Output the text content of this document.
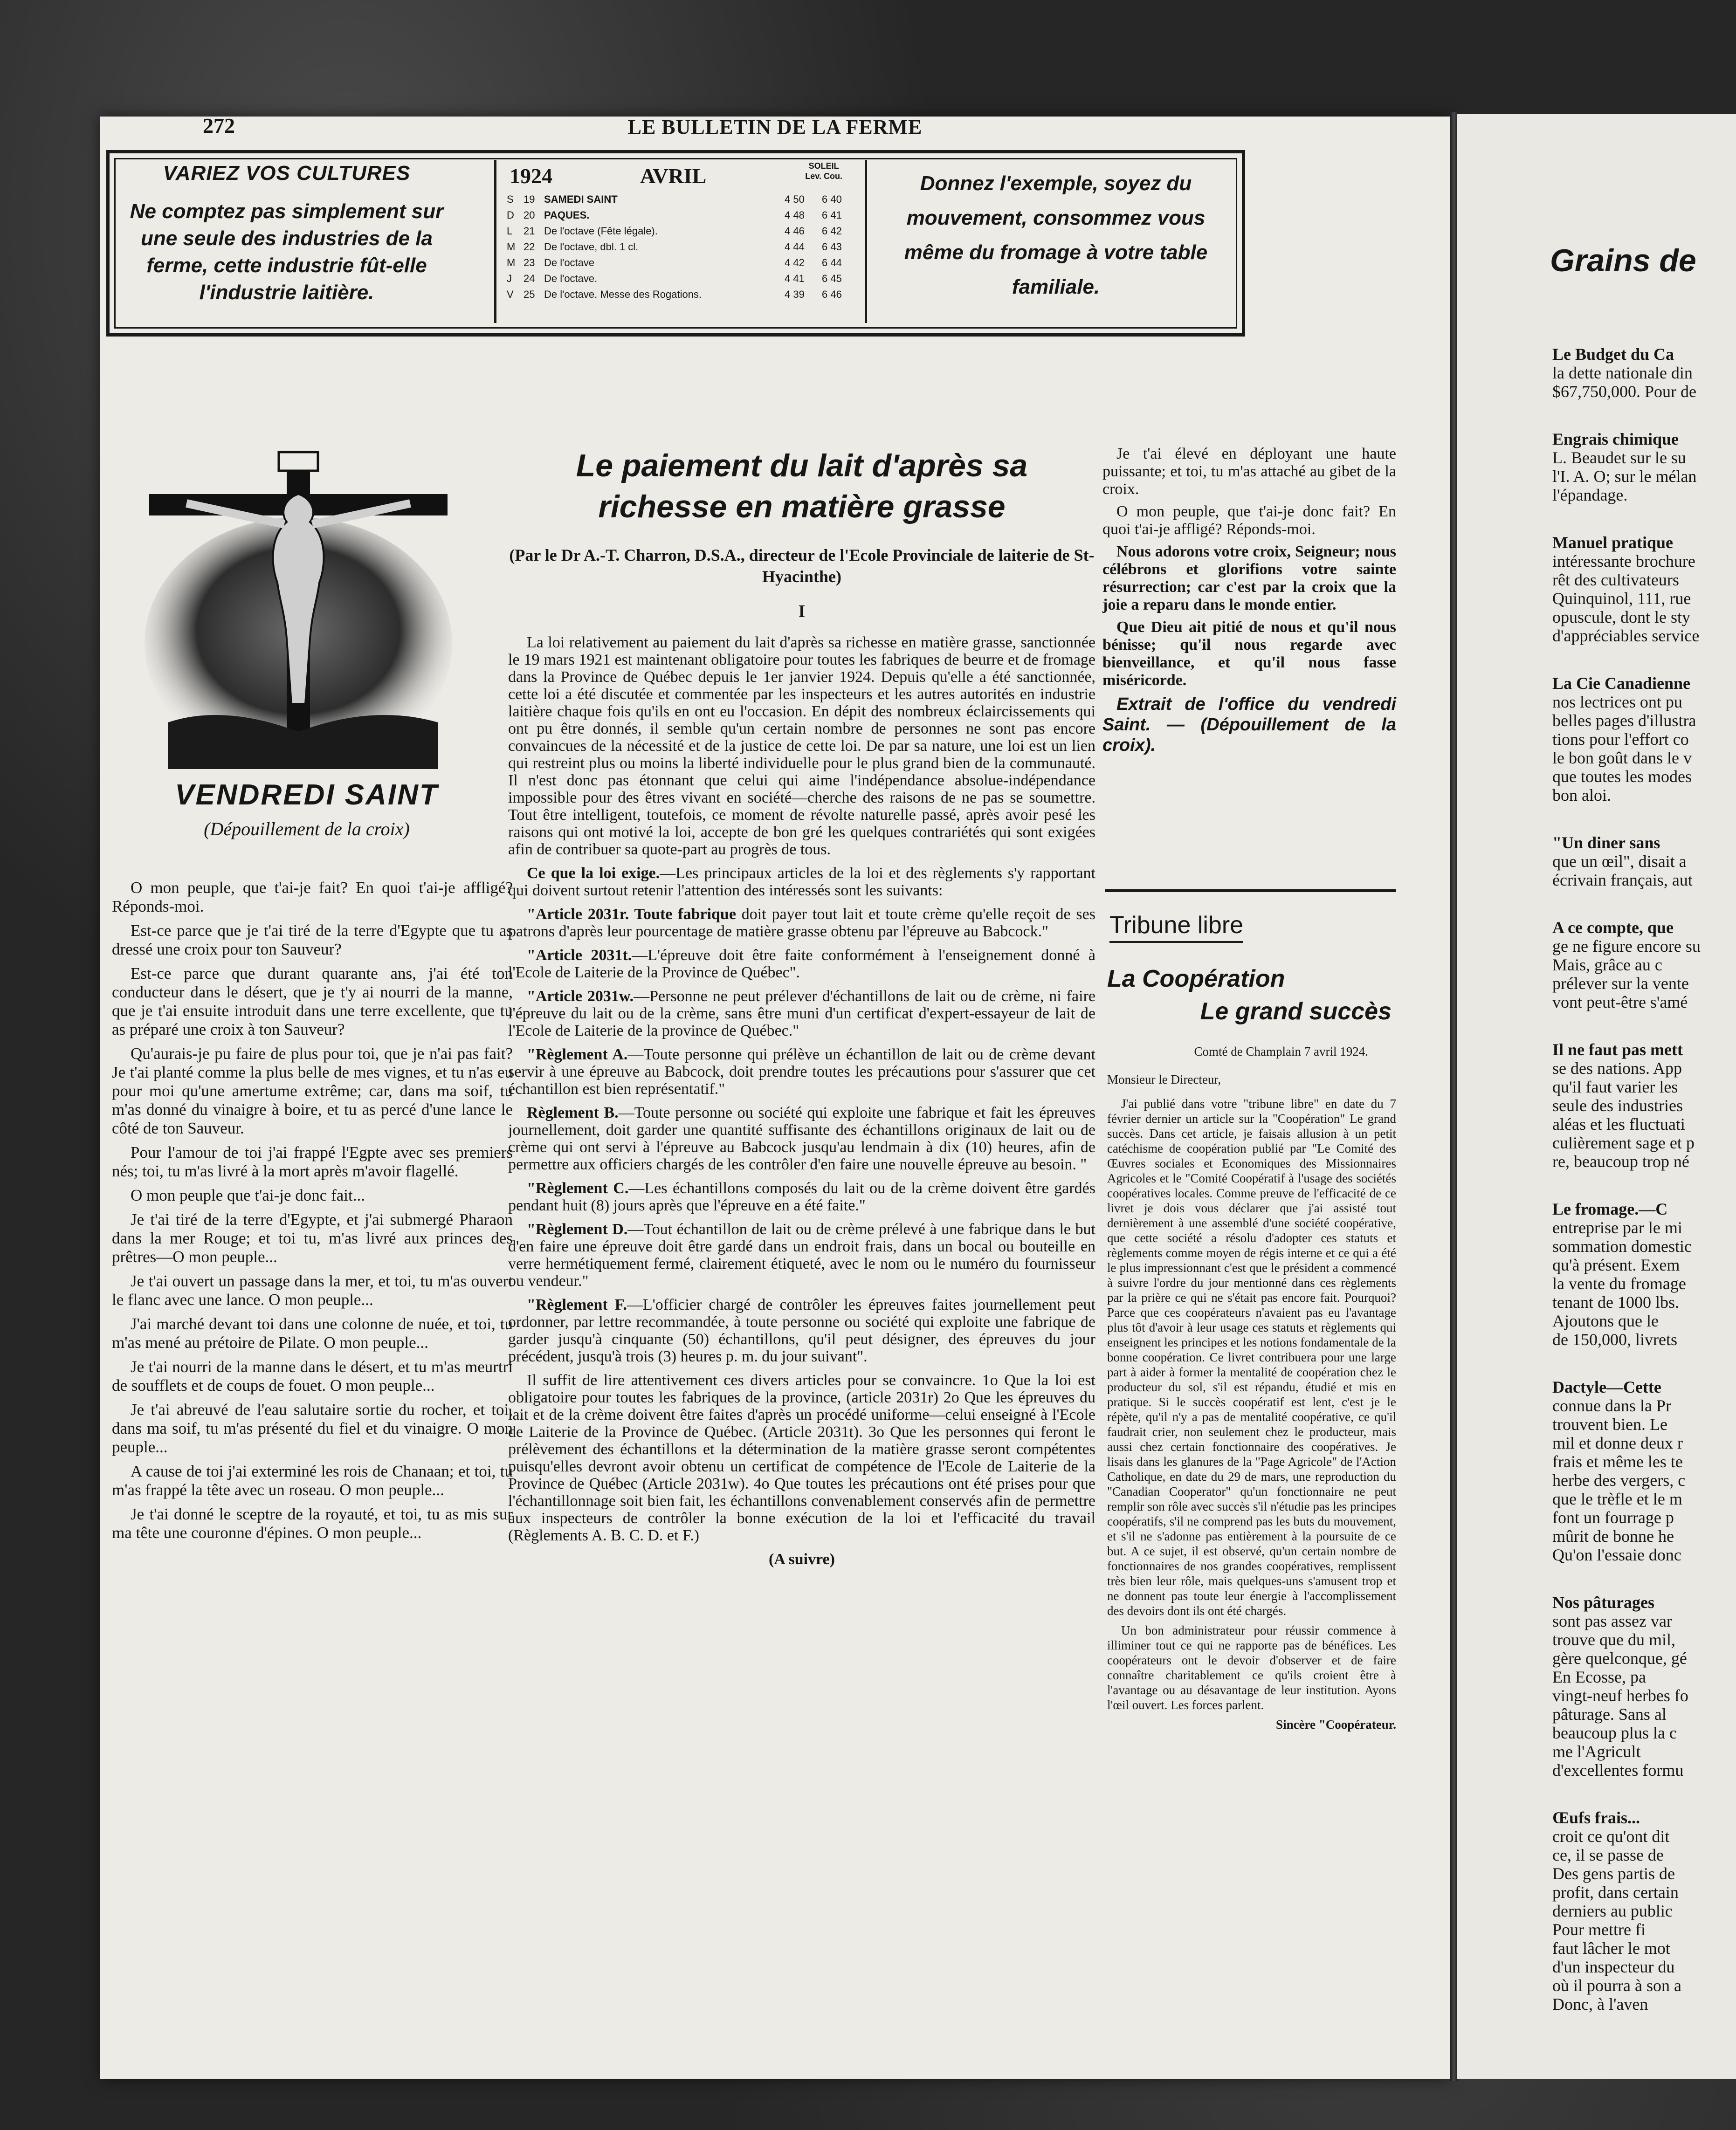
272	LE BULLETIN DE LA FERME
VARIEZ VOS CULTURES
Ne comptez pas simplement sur une seule des industries de la ferme, cette industrie fût-elle l'industrie laitière.
1924	AVRIL	SOLEIL
Lev. Cou.
S 19 SAMEDI SAINT	4 50 6 40
D 20 PAQUES.	4 48 6 41
L 21 De l'octave (Fête légale).	4 46 6 42
M 22 De l'octave, dbl. 1 cl.	4 44 6 43
M 23 De l'octave	4 42 6 44
J 24 De l'octave.	4 41 6 45
V 25 De l'octave. Messe des Rogations.	4 39 6 46
Donnez l'exemple, soyez du mouvement, consommez vous même du fromage à votre table familiale.
VENDREDI SAINT
(Dépouillement de la croix)

O mon peuple, que t'ai-je fait? En quoi t'ai-je affligé? Réponds-moi.

Est-ce parce que je t'ai tiré de la terre d'Egypte que tu as dressé une croix pour ton Sauveur?

Est-ce parce que durant quarante ans, j'ai été ton conducteur dans le désert, que je t'y ai nourri de la manne, que je t'ai ensuite introduit dans une terre excellente, que tu as préparé une croix à ton Sauveur?

Qu'aurais-je pu faire de plus pour toi, que je n'ai pas fait? Je t'ai planté comme la plus belle de mes vignes, et tu n'as eu pour moi qu'une amertume extrême; car, dans ma soif, tu m'as donné du vinaigre à boire, et tu as percé d'une lance le côté de ton Sauveur.

Pour l'amour de toi j'ai frappé l'Egpte avec ses premiers nés; toi, tu m'as livré à la mort après m'avoir flagellé.

O mon peuple que t'ai-je donc fait...

Je t'ai tiré de la terre d'Egypte, et j'ai submergé Pharaon dans la mer Rouge; et toi tu, m'as livré aux princes des prêtres—O mon peuple...

Je t'ai ouvert un passage dans la mer, et toi, tu m'as ouvert le flanc avec une lance. O mon peuple...

J'ai marché devant toi dans une colonne de nuée, et toi, tu m'as mené au prétoire de Pilate. O mon peuple...

Je t'ai nourri de la manne dans le désert, et tu m'as meurtri de soufflets et de coups de fouet. O mon peuple...

Je t'ai abreuvé de l'eau salutaire sortie du rocher, et toi, dans ma soif, tu m'as présenté du fiel et du vinaigre. O mon peuple...

A cause de toi j'ai exterminé les rois de Chanaan; et toi, tu m'as frappé la tête avec un roseau. O mon peuple...

Je t'ai donné le sceptre de la royauté, et toi, tu as mis sur ma tête une couronne d'épines. O mon peuple...

Le paiement du lait d'après sa richesse en matière grasse
(Par le Dr A.-T. Charron, D.S.A., directeur de l'Ecole Provinciale de laiterie de St-Hyacinthe)
I

La loi relativement au paiement du lait d'après sa richesse en matière grasse, sanctionnée le 19 mars 1921 est maintenant obligatoire pour toutes les fabriques de beurre et de fromage dans la Province de Québec depuis le 1er janvier 1924. Depuis qu'elle a été sanctionnée, cette loi a été discutée et commentée par les inspecteurs et les autres autorités en industrie laitière chaque fois qu'ils en ont eu l'occasion. En dépit des nombreux éclaircissements qui ont pu être donnés, il semble qu'un certain nombre de personnes ne sont pas encore convaincues de la nécessité et de la justice de cette loi. De par sa nature, une loi est un lien qui restreint plus ou moins la liberté individuelle pour le plus grand bien de la communauté. Il n'est donc pas étonnant que celui qui aime l'indépendance absolue-indépendance impossible pour des êtres vivant en société—cherche des raisons de ne pas se soumettre. Tout être intelligent, toutefois, ce moment de révolte naturelle passé, après avoir pesé les raisons qui ont motivé la loi, accepte de bon gré les quelques contrariétés qui sont exigées afin de contribuer sa quote-part au progrès de tous.

Ce que la loi exige.—Les principaux articles de la loi et des règlements s'y rapportant qui doivent surtout retenir l'attention des intéressés sont les suivants:

"Article 2031r. Toute fabrique doit payer tout lait et toute crème qu'elle reçoit de ses patrons d'après leur pourcentage de matière grasse obtenu par l'épreuve au Babcock."

"Article 2031t.—L'épreuve doit être faite conformément à l'enseignement donné à l'Ecole de Laiterie de la Province de Québec".

"Article 2031w.—Personne ne peut prélever d'échantillons de lait ou de crème, ni faire l'épreuve du lait ou de la crème, sans être muni d'un certificat d'expert-essayeur de lait de l'Ecole de Laiterie de la province de Québec."

"Règlement A.—Toute personne qui prélève un échantillon de lait ou de crème devant servir à une épreuve au Babcock, doit prendre toutes les précautions pour s'assurer que cet échantillon est bien représentatif."

Règlement B.—Toute personne ou société qui exploite une fabrique et fait les épreuves journellement, doit garder une quantité suffisante des échantillons originaux de lait ou de crème qui ont servi à l'épreuve au Babcock jusqu'au lendmain à dix (10) heures, afin de permettre aux officiers chargés de les contrôler d'en faire une nouvelle épreuve au besoin. "

"Règlement C.—Les échantillons composés du lait ou de la crème doivent être gardés pendant huit (8) jours après que l'épreuve en a été faite."

"Règlement D.—Tout échantillon de lait ou de crème prélevé à une fabrique dans le but d'en faire une épreuve doit être gardé dans un endroit frais, dans un bocal ou bouteille en verre hermétiquement fermé, clairement étiqueté, avec le nom ou le numéro du fournisseur ou vendeur."

"Règlement F.—L'officier chargé de contrôler les épreuves faites journellement peut ordonner, par lettre recommandée, à toute personne ou société qui exploite une fabrique de garder jusqu'à cinquante (50) échantillons, qu'il peut désigner, des épreuves du jour précédent, jusqu'à trois (3) heures p. m. du jour suivant".

Il suffit de lire attentivement ces divers articles pour se convaincre. 1o Que la loi est obligatoire pour toutes les fabriques de la province, (article 2031r) 2o Que les épreuves du lait et de la crème doivent être faites d'après un procédé uniforme—celui enseigné à l'Ecole de Laiterie de la Province de Québec. (Article 2031t). 3o Que les personnes qui feront le prélèvement des échantillons et la détermination de la matière grasse seront compétentes puisqu'elles devront avoir obtenu un certificat de compétence de l'Ecole de Laiterie de la Province de Québec (Article 2031w). 4o Que toutes les précautions ont été prises pour que l'échantillonnage soit bien fait, les échantillons convenablement conservés afin de permettre aux inspecteurs de contrôler la bonne exécution de la loi et l'efficacité du travail (Règlements A. B. C. D. et F.)

(A suivre)

Je t'ai élevé en déployant une haute puissante; et toi, tu m'as attaché au gibet de la croix.

O mon peuple, que t'ai-je donc fait? En quoi t'ai-je affligé? Réponds-moi.

Nous adorons votre croix, Seigneur; nous célébrons et glorifions votre sainte résurrection; car c'est par la croix que la joie a reparu dans le monde entier.

Que Dieu ait pitié de nous et qu'il nous bénisse; qu'il nous regarde avec bienveillance, et qu'il nous fasse miséricorde.

Extrait de l'office du vendredi Saint. — (Dépouillement de la croix).

Tribune libre
La Coopération
Le grand succès
Comté de Champlain 7 avril 1924.
Monsieur le Directeur,

J'ai publié dans votre "tribune libre" en date du 7 février dernier un article sur la "Coopération" Le grand succès. Dans cet article, je faisais allusion à un petit catéchisme de coopération publié par "Le Comité des Œuvres sociales et Economiques des Missionnaires Agricoles et le "Comité Coopératif à l'usage des sociétés coopératives locales. Comme preuve de l'efficacité de ce livret je dois vous déclarer que j'ai assisté tout dernièrement à une assemblé d'une société coopérative, que cette société a résolu d'adopter ces statuts et règlements comme moyen de régis interne et ce qui a été le plus impressionnant c'est que le président a commencé à suivre l'ordre du jour mentionné dans ces règlements par la prière ce qui ne s'était pas encore fait. Pourquoi? Parce que ces coopérateurs n'avaient pas eu l'avantage plus tôt d'avoir à leur usage ces statuts et règlements qui enseignent les principes et les notions fondamentale de la bonne coopération. Ce livret contribuera pour une large part à aider à former la mentalité de coopération chez le producteur du sol, s'il est répandu, étudié et mis en pratique. Si le succès coopératif est lent, c'est je le répète, qu'il n'y a pas de mentalité coopérative, ce qu'il faudrait crier, non seulement chez le producteur, mais aussi chez certain fonctionnaire des coopératives. Je lisais dans les glanures de la "Page Agricole" de l'Action Catholique, en date du 29 de mars, une reproduction du "Canadian Cooperator" qu'un fonctionnaire ne peut remplir son rôle avec succès s'il n'étudie pas les principes coopératifs, s'il ne comprend pas les buts du mouvement, et s'il ne s'adonne pas entièrement à la poursuite de ce but. A ce sujet, il est observé, qu'un certain nombre de fonctionnaires de nos grandes coopératives, remplissent très bien leur rôle, mais quelques-uns s'amusent trop et ne donnent pas toute leur énergie à l'accomplissement des devoirs dont ils ont été chargés.

Un bon administrateur pour réussir commence à illiminer tout ce qui ne rapporte pas de bénéfices. Les coopérateurs ont le devoir d'observer et de faire connaître charitablement ce qu'ils croient être à l'avantage ou au désavantage de leur institution. Ayons l'œil ouvert. Les forces parlent.

Sincère "Coopérateur.
Grains de

Le Budget du Ca
la dette nationale din
$67,750,000. Pour de

Engrais chimique
L. Beaudet sur le su
l'I. A. O; sur le mélan
l'épandage.

Manuel pratique
intéressante brochure
rêt des cultivateurs
Quinquinol, 111, rue
opuscule, dont le sty
d'appréciables service

La Cie Canadienne
nos lectrices ont pu
belles pages d'illustra
tions pour l'effort co
le bon goût dans le v
que toutes les modes
bon aloi.

"Un diner sans
que un œil", disait a
écrivain français, aut

A ce compte, que
ge ne figure encore su
Mais, grâce au c
prélever sur la vente
vont peut-être s'amé

Il ne faut pas mett
se des nations. App
qu'il faut varier les
seule des industries
aléas et les fluctuati
culièrement sage et p
re, beaucoup trop né

Le fromage.—C
entreprise par le mi
sommation domestic
qu'à présent. Exem
la vente du fromage
tenant de 1000 lbs.
Ajoutons que le
de 150,000, livrets

Dactyle—Cette
connue dans la Pr
trouvent bien. Le
mil et donne deux r
frais et même les te
herbe des vergers, c
que le trèfle et le m
font un fourrage p
mûrit de bonne he
Qu'on l'essaie donc

Nos pâturages
sont pas assez var
trouve que du mil,
gère quelconque, gé
En Ecosse, pa
vingt-neuf herbes fo
pâturage. Sans al
beaucoup plus la c
me l'Agricult
d'excellentes formu

Œufs frais...
croit ce qu'ont dit
ce, il se passe de
Des gens partis de
profit, dans certain
derniers au public
Pour mettre fi
faut lâcher le mot
d'un inspecteur du
où il pourra à son a
Donc, à l'aven
